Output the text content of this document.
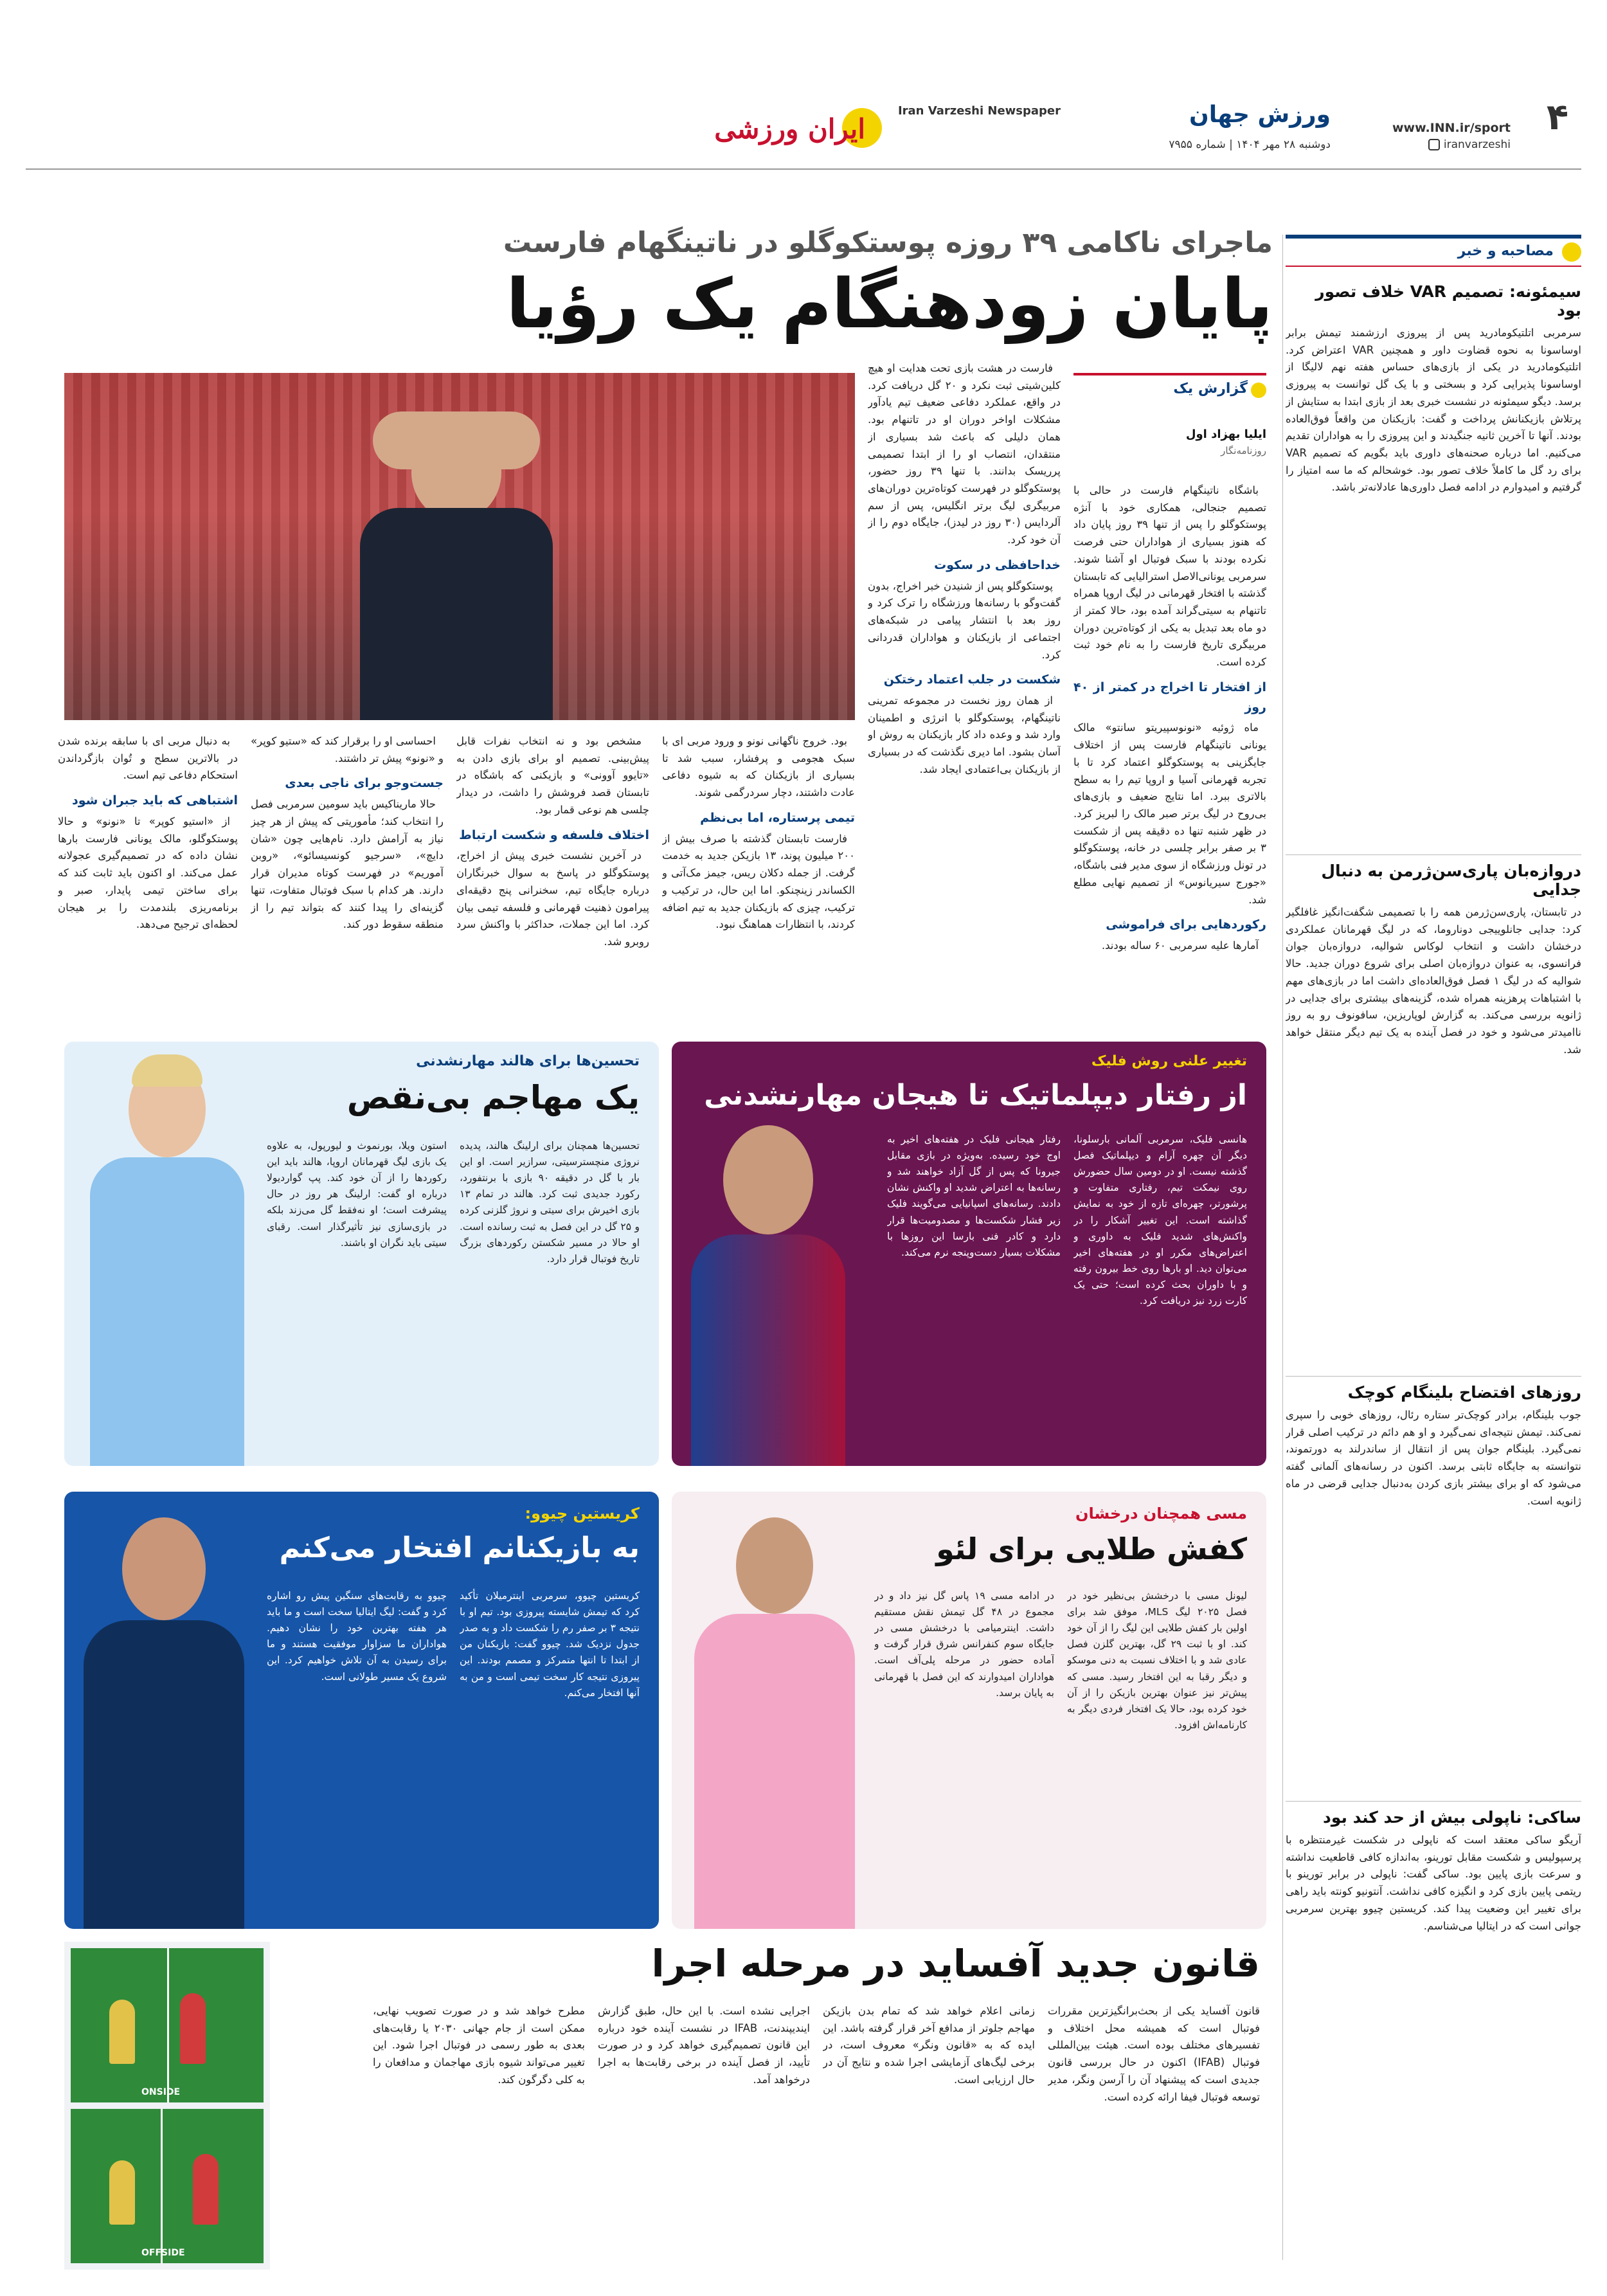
۴
www.INN.ir/sport
iranvarzeshi
ورزش جهان
دوشنبه ۲۸ مهر ۱۴۰۴ | شماره ۷۹۵۵
Iran Varzeshi Newspaper
ایران ورزشی
ماجرای ناکامی ۳۹ روزه پوستکوگلو در ناتینگهام فارست
پایان زودهنگام یک رؤیا
مصاحبه و خبر
سیمئونه: تصمیم VAR خلاف تصور بود
سرمربی اتلتیکومادرید پس از پیروزی ارزشمند تیمش برابر اوساسونا به نحوه قضاوت داور و همچنین VAR اعتراض کرد. اتلتیکومادرید در یکی از بازی‌های حساس هفته نهم لالیگا از اوساسونا پذیرایی کرد و بسختی و با یک گل توانست به پیروزی برسد. دیگو سیمئونه در نشست خبری بعد از بازی ابتدا به ستایش از پرتلاش بازیکنانش پرداخت و گفت: بازیکنان من واقعاً فوق‌العاده بودند. آنها تا آخرین ثانیه جنگیدند و این پیروزی را به هواداران تقدیم می‌کنیم. اما درباره صحنه‌های داوری باید بگویم که تصمیم VAR برای رد گل ما کاملاً خلاف تصور بود. خوشحالم که ما سه امتیاز را گرفتیم و امیدوارم در ادامه فصل داوری‌ها عادلانه‌تر باشد.
دروازه‌بان پاری‌سن‌ژرمن به دنبال جدایی
در تابستان، پاری‌سن‌ژرمن همه را با تصمیمی شگفت‌انگیز غافلگیر کرد: جدایی جانلوییجی دوناروما، که در لیگ قهرمانان عملکردی درخشان داشت و انتخاب لوکاس شوالیه، دروازه‌بان جوان فرانسوی، به عنوان دروازه‌بان اصلی برای شروع دوران جدید. حالا شوالیه که در لیگ ۱ فصل فوق‌العاده‌ای داشت اما در بازی‌های مهم با اشتباهات پرهزینه همراه شده، گزینه‌های بیشتری برای جدایی در ژانویه بررسی می‌کند. به گزارش لوپاریزین، سافونوف رو به روز ناامیدتر می‌شود و خود در فصل آینده به یک تیم دیگر منتقل خواهد شد.
روزهای افتضاح بلینگام کوچک
جوب بلینگام، برادر کوچک‌تر ستاره رئال، روزهای خوبی را سپری نمی‌کند. تیمش نتیجه‌ای نمی‌گیرد و او هم دائم در ترکیب اصلی قرار نمی‌گیرد. بلینگام جوان پس از انتقال از ساندرلند به دورتموند، نتوانسته به جایگاه ثابتی برسد. اکنون در رسانه‌های آلمانی گفته می‌شود که او برای بیشتر بازی کردن به‌دنبال جدایی قرضی در ماه ژانویه است.
ساکی: ناپولی بیش از حد کند بود
آریگو ساکی معتقد است که ناپولی در شکست غیرمنتظره با پرسپولیس و شکست مقابل تورینو، به‌اندازه کافی قاطعیت نداشته و سرعت بازی پایین بود. ساکی گفت: ناپولی در برابر تورینو با ریتمی پایین بازی کرد و انگیزه کافی نداشت. آنتونیو کونته باید راهی برای تغییر این وضعیت پیدا کند. کریستین چیوو بهترین سرمربی جوانی است که در ایتالیا می‌شناسم.
گزارش یک
ایلیا بهزاد اول
روزنامه‌نگار

باشگاه ناتینگهام فارست در حالی با تصمیم جنجالی، همکاری خود با آنژه پوستکوگلو را پس از تنها ۳۹ روز پایان داد که هنوز بسیاری از هواداران حتی فرصت نکرده بودند با سبک فوتبال او آشنا شوند. سرمربی یونانی‌الاصل استرالیایی که تابستان گذشته با افتخار قهرمانی در لیگ اروپا همراه تاتنهام به سیتی‌گراند آمده بود، حالا کمتر از دو ماه بعد تبدیل به یکی از کوتاه‌ترین دوران مربیگری تاریخ فارست را به نام خود ثبت کرده است.

از افتخار تا اخراج در کمتر از ۴۰ روز

ماه ژوئیه «نونوسپیریتو سانتو» مالک یونانی ناتینگهام فارست پس از اختلاف جایگزینی به پوستکوگلو اعتماد کرد تا با تجربه قهرمانی آسیا و اروپا تیم را به سطح بالاتری ببرد. اما نتایج ضعیف و بازی‌های بی‌روح در لیگ برتر صبر مالک را لبریز کرد. در ظهر شنبه تنها ده دقیقه پس از شکست ۳ بر صفر برابر چلسی در خانه، پوستکوگلو در تونل ورزشگاه از سوی مدیر فنی باشگاه، «جورج سیریانوس» از تصمیم نهایی مطلع شد.

رکوردهایی برای فراموشی

آمارها علیه سرمربی ۶۰ ساله بودند.

فارست در هشت بازی تحت هدایت او هیچ کلین‌شیتی ثبت نکرد و ۲۰ گل دریافت کرد. در واقع، عملکرد دفاعی ضعیف تیم یادآور مشکلات اواخر دوران او در تاتنهام بود. همان دلیلی که باعث شد بسیاری از منتقدان، انتصاب او را از ابتدا تصمیمی پرریسک بدانند. با تنها ۳۹ روز حضور، پوستکوگلو در فهرست کوتاه‌ترین دوران‌های مربیگری لیگ برتر انگلیس، پس از سم آلردایس (۳۰ روز در لیدز)، جایگاه دوم را از آن خود کرد.

خداحافظی در سکوت

پوستکوگلو پس از شنیدن خبر اخراج، بدون گفت‌وگو با رسانه‌ها ورزشگاه را ترک کرد و روز بعد با انتشار پیامی در شبکه‌های اجتماعی از بازیکنان و هواداران قدردانی کرد.

شکست در جلب اعتماد رختکن

از همان روز نخست در مجموعه تمرینی ناتینگهام، پوستکوگلو با انرژی و اطمینان وارد شد و وعده داد کار بازیکنان به روش او آسان بشود. اما دیری نگذشت که در بسیاری از بازیکنان بی‌اعتمادی ایجاد شد.

بود. خروج ناگهانی نونو و ورود مربی ای با سبک هجومی و پرفشار، سبب شد تا بسیاری از بازیکنان که به شیوه دفاعی عادت داشتند، دچار سردرگمی شوند.

تیمی پرستاره، اما بی‌نظم

فارست تابستان گذشته با صرف بیش از ۲۰۰ میلیون پوند، ۱۳ بازیکن جدید به خدمت گرفت. از جمله دکلان ریس، جیمز مک‌آتی و الکساندر زینچنکو. اما این حال، در ترکیب و ترکیب، چیزی که بازیکنان جدید به تیم اضافه کردند، با انتظارات هماهنگ نبود.

مشخص بود و نه انتخاب نفرات قابل پیش‌بینی. تصمیم او برای بازی دادن به «تایوو آوونی» و بازیکنی که باشگاه در تابستان قصد فروشش را داشت، در دیدار چلسی هم نوعی قمار بود.

اختلاف فلسفه و شکست ارتباط

در آخرین نشست خبری پیش از اخراج، پوستکوگلو در پاسخ به سوال خبرنگاران درباره جایگاه تیم، سخنرانی پنج دقیقه‌ای پیرامون ذهنیت قهرمانی و فلسفه تیمی بیان کرد. اما این جملات، حداکثر با واکنش سرد روبرو شد.

احساسی او را برقرار کند که «ستیو کوپر» و «نونو» پیش تر داشتند.

جست‌وجو برای ناجی بعدی

حالا مارینا‌کیس باید سومین سرمربی فصل را انتخاب کند؛ مأموریتی که پیش از هر چیز نیاز به آرامش دارد. نام‌هایی چون «شان دایچ»، «سرجیو کونسیسائو»، «روبن آموریم» در فهرست کوتاه مدیران قرار دارند. هر کدام با سبک فوتبال متفاوت، تنها گزینه‌ای را پیدا کنند که بتواند تیم را از منطقه سقوط دور کند.

به دنبال مربی ای با سابقه برنده شدن در بالاترین سطح و تُوان بازگرداندن استحکام دفاعی تیم است.

اشتباهی که باید جبران شود

از «استیو کوپر» تا «نونو» و حالا پوستکوگلو، مالک یونانی فارست بارها نشان داده که در تصمیم‌گیری عجولانه عمل می‌کند. او اکنون باید ثابت کند که برای ساختن تیمی پایدار، صبر و برنامه‌ریزی بلندمدت را بر هیجان لحظه‌ای ترجیح می‌دهد.

تغییر علنی روش فلیک
از رفتار دیپلماتیک تا هیجان مهارنشدنی
هانسی فلیک، سرمربی آلمانی بارسلونا، دیگر آن چهره آرام و دیپلماتیک فصل گذشته نیست. او در دومین سال حضورش روی نیمکت تیم، رفتاری متفاوت و پرشورتر، چهره‌ای تازه از خود به نمایش گذاشته است. این تغییر آشکار را در واکنش‌های شدید فلیک به داوری و اعتراض‌های مکرر او در هفته‌های اخیر می‌توان دید. او بارها روی خط بیرون رفته و با داوران بحث کرده است؛ حتی یک کارت زرد نیز دریافت کرد.
رفتار هیجانی فلیک در هفته‌های اخیر به اوج خود رسیده. به‌ویژه در بازی مقابل جیرونا که پس از گل آزاد خواهند شد و رسانه‌ها به اعتراض شدید او واکنش نشان دادند. رسانه‌های اسپانیایی می‌گویند فلیک زیر فشار شکست‌ها و مصدومیت‌ها قرار دارد و کادر فنی بارسا این روزها با مشکلات بسیار دست‌وپنجه نرم می‌کند.
تحسین‌ها برای هالند مهارنشدنی
یک مهاجم بی‌نقص
تحسین‌ها همچنان برای ارلینگ هالند، پدیده نروژی منچسترسیتی، سرازیر است. او این بار با گل در دقیقه ۹۰ بازی با برنتفورد، رکورد جدیدی ثبت کرد. هالند در تمام ۱۳ بازی اخیرش برای سیتی و نروژ گلزنی کرده و ۲۵ گل در این فصل به ثبت رسانده است. او حالا در مسیر شکستن رکوردهای بزرگ تاریخ فوتبال قرار دارد.
استون ویلا، بورنموث و لیورپول، به علاوه یک بازی لیگ قهرمانان اروپا، هالند باید این رکوردها را از آن خود کند. پپ گواردیولا درباره او گفت: ارلینگ هر روز در حال پیشرفت است؛ او نه‌فقط گل می‌زند بلکه در بازی‌سازی نیز تأثیرگذار است. رقبای سیتی باید نگران او باشند.
کریستین چیوو:
به بازیکنانم افتخار می‌کنم
کریستین چیوو، سرمربی اینترمیلان تأکید کرد که تیمش شایسته پیروزی بود. تیم او با نتیجه ۳ بر صفر رم را شکست داد و به صدر جدول نزدیک شد. چیوو گفت: بازیکنان من از ابتدا تا انتها متمرکز و مصمم بودند. این پیروزی نتیجه کار سخت تیمی است و من به آنها افتخار می‌کنم.
چیوو به رقابت‌های سنگین پیش رو اشاره کرد و گفت: لیگ ایتالیا سخت است و ما باید هر هفته بهترین خود را نشان دهیم. هواداران ما سزاوار موفقیت هستند و ما برای رسیدن به آن تلاش خواهیم کرد. این شروع یک مسیر طولانی است.
مسی همچنان درخشان
کفش طلایی برای لئو
لیونل مسی با درخشش بی‌نظیر خود در فصل ۲۰۲۵ لیگ MLS، موفق شد برای اولین بار کفش طلایی این لیگ را از آن خود کند. او با ثبت ۲۹ گل، بهترین گلزن فصل عادی شد و با اختلاف نسبت به دنی موسکو و دیگر رقبا به این افتخار رسید. مسی که پیش‌تر نیز عنوان بهترین بازیکن را از آن خود کرده بود، حالا یک افتخار فردی دیگر به کارنامه‌اش افزود.
در ادامه مسی ۱۹ پاس گل نیز داد و در مجموع در ۴۸ گل تیمش نقش مستقیم داشت. اینترمیامی با درخشش مسی در جایگاه سوم کنفرانس شرق قرار گرفت و آماده حضور در مرحله پلی‌آف است. هواداران امیدوارند که این فصل با قهرمانی به پایان برسد.
قانون جدید آفساید در مرحله اجرا
قانون آفساید یکی از بحث‌برانگیزترین مقررات فوتبال است که همیشه محل اختلاف و تفسیرهای مختلف بوده است. هیئت بین‌المللی فوتبال (IFAB) اکنون در حال بررسی قانون جدیدی است که پیشنهاد آن را آرسن ونگر، مدیر توسعه فوتبال فیفا ارائه کرده است.
زمانی اعلام خواهد شد که تمام بدن بازیکن مهاجم جلوتر از مدافع آخر قرار گرفته باشد. این ایده که به «قانون ونگر» معروف است، در برخی لیگ‌های آزمایشی اجرا شده و نتایج آن در حال ارزیابی است.
اجرایی نشده است. با این حال، طبق گزارش ایندیپندنت، IFAB در نشست آینده خود درباره این قانون تصمیم‌گیری خواهد کرد و در صورت تأیید، از فصل آینده در برخی رقابت‌ها به اجرا درخواهد آمد.
مطرح خواهد شد و در صورت تصویب نهایی، ممکن است از جام جهانی ۲۰۳۰ یا رقابت‌های بعدی به طور رسمی در فوتبال اجرا شود. این تغییر می‌تواند شیوه بازی مهاجمان و مدافعان را به کلی دگرگون کند.
ONSIDE
OFFSIDE
